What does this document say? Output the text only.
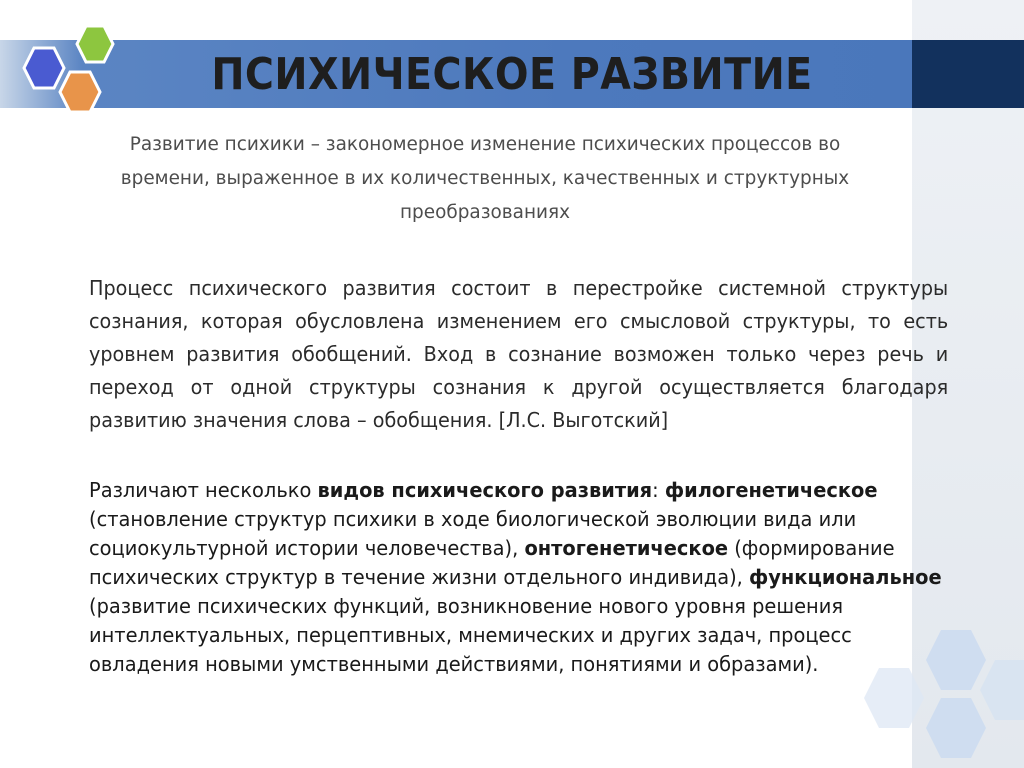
ПСИХИЧЕСКОЕ РАЗВИТИЕ
Развитие психики – закономерное изменение психических процессов во времени, выраженное в их количественных, качественных и структурных преобразованиях
Процесс психического развития состоит в перестройке системной структуры сознания, которая обусловлена изменением его смысловой структуры, то есть уровнем развития обобщений. Вход в сознание возможен только через речь и переход от одной структуры сознания к другой осуществляется благодаря развитию значения слова – обобщения. [Л.С. Выготский]
Различают несколько видов психического развития: филогенетическое (становление структур психики в ходе биологической эволюции вида или социокультурной истории человечества), онтогенетическое (формирование психических структур в течение жизни отдельного индивида), функциональное (развитие психических функций, возникновение нового уровня решения интеллектуальных, перцептивных, мнемических и других задач, процесс овладения новыми умственными действиями, понятиями и образами).
